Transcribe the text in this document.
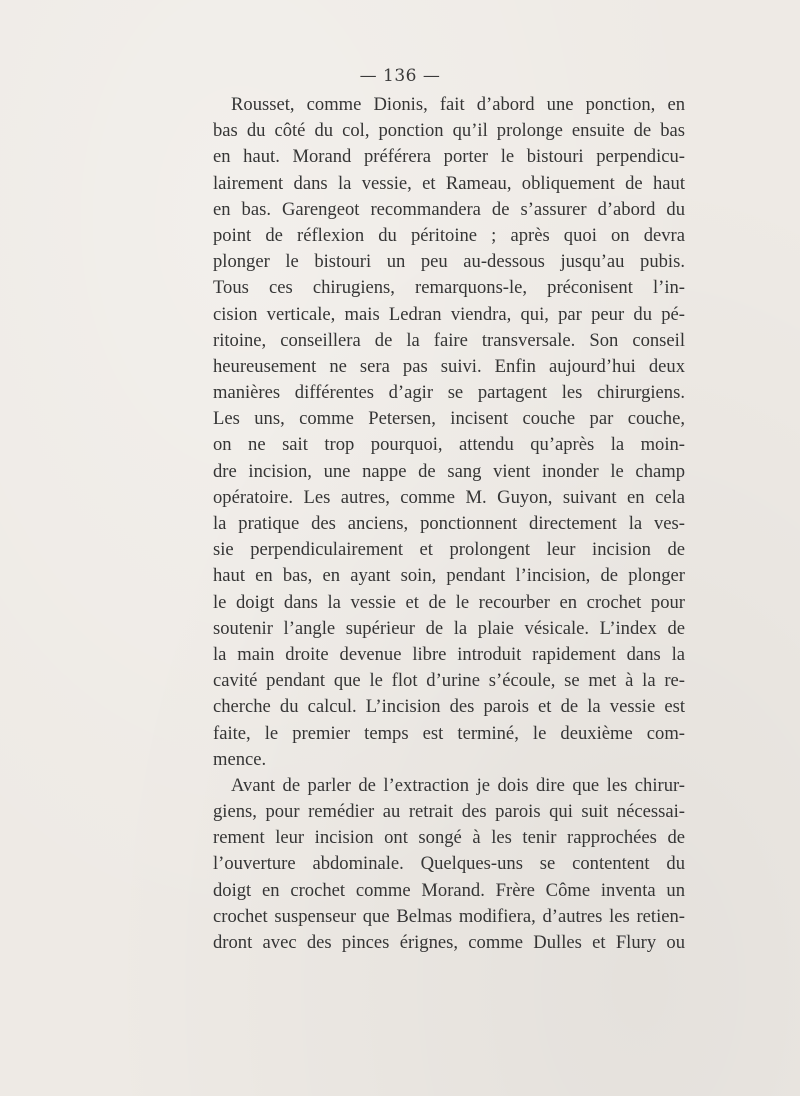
— 136 —
Rousset, comme Dionis, fait d’abord une ponction, en
bas du côté du col, ponction qu’il prolonge ensuite de bas
en haut. Morand préférera porter le bistouri perpendicu-
lairement dans la vessie, et Rameau, obliquement de haut
en bas. Garengeot recommandera de s’assurer d’abord du
point de réflexion du péritoine ; après quoi on devra
plonger le bistouri un peu au-dessous jusqu’au pubis.
Tous ces chirugiens, remarquons-le, préconisent l’in-
cision verticale, mais Ledran viendra, qui, par peur du pé-
ritoine, conseillera de la faire transversale. Son conseil
heureusement ne sera pas suivi. Enfin aujourd’hui deux
manières différentes d’agir se partagent les chirurgiens.
Les uns, comme Petersen, incisent couche par couche,
on ne sait trop pourquoi, attendu qu’après la moin-
dre incision, une nappe de sang vient inonder le champ
opératoire. Les autres, comme M. Guyon, suivant en cela
la pratique des anciens, ponctionnent directement la ves-
sie perpendiculairement et prolongent leur incision de
haut en bas, en ayant soin, pendant l’incision, de plonger
le doigt dans la vessie et de le recourber en crochet pour
soutenir l’angle supérieur de la plaie vésicale. L’index de
la main droite devenue libre introduit rapidement dans la
cavité pendant que le flot d’urine s’écoule, se met à la re-
cherche du calcul. L’incision des parois et de la vessie est
faite, le premier temps est terminé, le deuxième com-
mence.
Avant de parler de l’extraction je dois dire que les chirur-
giens, pour remédier au retrait des parois qui suit nécessai-
rement leur incision ont songé à les tenir rapprochées de
l’ouverture abdominale. Quelques-uns se contentent du
doigt en crochet comme Morand. Frère Côme inventa un
crochet suspenseur que Belmas modifiera, d’autres les retien-
dront avec des pinces érignes, comme Dulles et Flury ou
